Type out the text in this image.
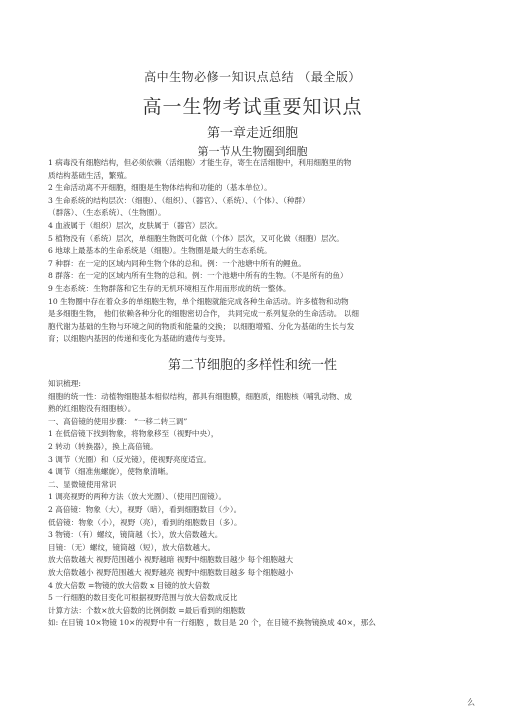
高中生物必修一知识点总结 （最全版）
高一生物考试重要知识点
第一章走近细胞
第一节从生物圈到细胞
1 病毒没有细胞结构，但必须依赖（活细胞）才能生存，寄生在活细胞中，利用细胞里的物
质结构基础生活，繁殖。
2 生命活动离不开细胞，细胞是生物体结构和功能的（基本单位）。
3 生命系统的结构层次：（细胞）、（组织）、（器官）、（系统）、（个体）、（种群）
（群落）、（生态系统）、（生物圈）。
4 血液属于（组织）层次，皮肤属于（器官）层次。
5 植物没有（系统）层次，单细胞生物既可化做（个体）层次，又可化做（细胞）层次。
6 地球上最基本的生命系统是（细胞）。生物圈是最大的生态系统。
7 种群：在一定的区域内同种生物个体的总和。例：一个池塘中所有的鲤鱼。
8 群落：在一定的区域内所有生物的总和。例：一个池塘中所有的生物。（不是所有的鱼）
9 生态系统：生物群落和它生存的无机环境相互作用而形成的统一整体。
10 生物圈中存在着众多的单细胞生物，单个细胞就能完成各种生命活动。许多植物和动物
是多细胞生物， 他们依赖各种分化的细胞密切合作， 共同完成一系列复杂的生命活动。 以细
胞代谢为基础的生物与环境之间的物质和能量的交换； 以细胞增殖、分化为基础的生长与发
育；以细胞内基因的传递和变化为基础的遗传与变异。
第二节细胞的多样性和统一性
知识梳理:
细胞的统一性：动植物细胞基本相似结构，都具有细胞膜，细胞质，细胞核（哺乳动物、成
熟的红细胞没有细胞核）。
一、高倍镜的使用步骤： “一移二转三调”
1 在低倍镜下找到物象，将物象移至（视野中央），
2 转动（转换器），换上高倍镜。
3 调节（光圈）和（反光镜），使视野亮度适宜。
4 调节（细准焦螺旋），使物象清晰。
二、显微镜使用常识
1 调亮视野的两种方法（放大光圈）、（使用凹面镜）。
2 高倍镜：物象（大），视野（暗），看到细胞数目（少）。
低倍镜：物象（小），视野（亮），看到的细胞数目（多）。
3 物镜：（有）螺纹，镜筒越（长），放大倍数越大。
目镜：（无）螺纹，镜筒越（短），放大倍数越大。
放大倍数越大 视野范围越小 视野越暗 视野中细胞数目越少 每个细胞越大
放大倍数越小 视野范围越大 视野越亮 视野中细胞数目越多 每个细胞越小
4 放大倍数 =物镜的放大倍数 x 目镜的放大倍数
5 一行细胞的数目变化可根据视野范围与放大倍数成反比
计算方法：个数×放大倍数的比例倒数 =最后看到的细胞数
如: 在目镜 10×物镜 10×的视野中有一行细胞 ，数目是 20 个，在目镜不换物镜换成 40×，那么
么
